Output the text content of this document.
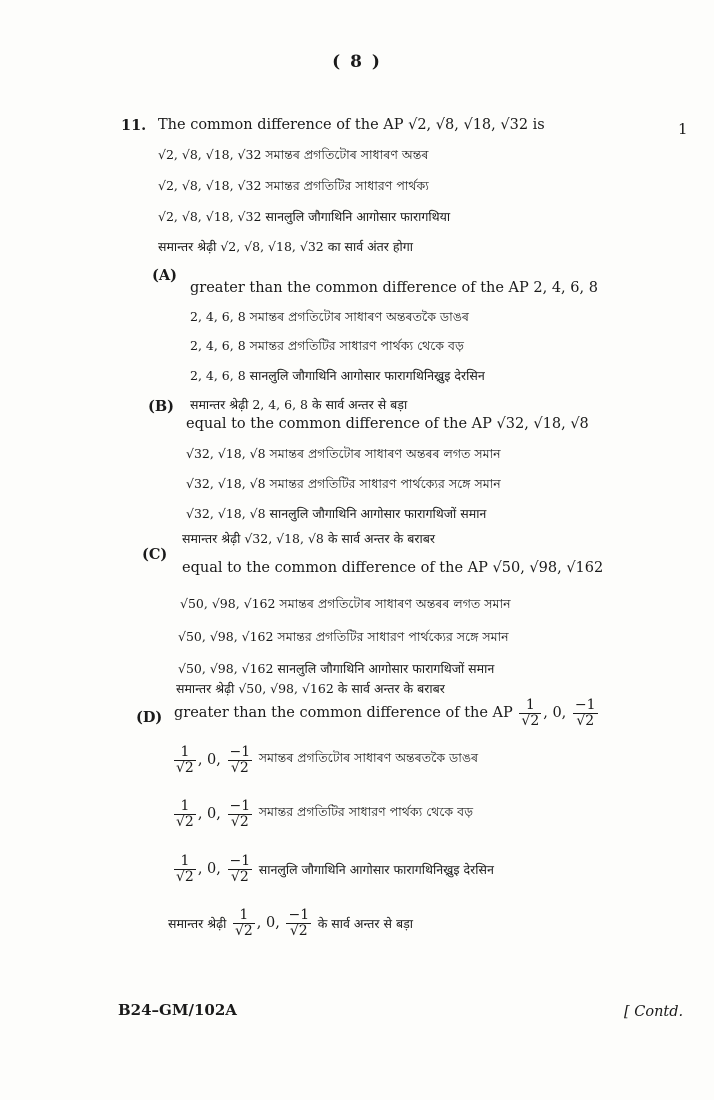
( 8 )
1
11. The common difference of the AP √2, √8, √18, √32 is
√2, √8, √18, √32 সমান্তৰ প্ৰগতিটোৰ সাধাৰণ অন্তৰ
√2, √8, √18, √32 সমান্তর প্রগতিটির সাধারণ পার্থক্য
√2, √8, √18, √32 सानलुलि जौगाथिनि आगोसार फारागथिया
समान्तर श्रेढ़ी √2, √8, √18, √32 का सार्व अंतर होगा
(A)
greater than the common difference of the AP 2, 4, 6, 8
2, 4, 6, 8 সমান্তৰ প্ৰগতিটোৰ সাধাৰণ অন্তৰতকৈ ডাঙৰ
2, 4, 6, 8 সমান্তর প্রগতিটির সাধারণ পার্থক্য থেকে বড়
2, 4, 6, 8 सानलुलि जौगाथिनि आगोसार फारागथिनिख्रुइ देरसिन
समान्तर श्रेढ़ी 2, 4, 6, 8 के सार्व अन्तर से बड़ा
(B)
equal to the common difference of the AP √32, √18, √8
√32, √18, √8 সমান্তৰ প্ৰগতিটোৰ সাধাৰণ অন্তৰৰ লগত সমান
√32, √18, √8 সমান্তর প্রগতিটির সাধারণ পার্থক্যের সঙ্গে সমান
√32, √18, √8 सानलुलि जौगाथिनि आगोसार फारागथिजों समान
समान्तर श्रेढ़ी √32, √18, √8 के सार्व अन्तर के बराबर
(C)
equal to the common difference of the AP √50, √98, √162
√50, √98, √162 সমান্তৰ প্ৰগতিটোৰ সাধাৰণ অন্তৰৰ লগত সমান
√50, √98, √162 সমান্তর প্রগতিটির সাধারণ পার্থক্যের সঙ্গে সমান
√50, √98, √162 सानलुलि जौगाथिनि आगोसार फारागथिजों समान
समान्तर श्रेढ़ी √50, √98, √162 के सार्व अन्तर के बराबर
(D) greater than the common difference of the AP
$\frac{1}{√2}$ , 0,
$\frac{-1}{√2}$
$\frac{1}{√2}$ , 0,
$\frac{-1}{√2}$
সমান্তৰ প্ৰগতিটোৰ সাধাৰণ অন্তৰতকৈ ডাঙৰ
$\frac{1}{√2}$ , 0,
$\frac{-1}{√2}$
সমান্তর প্রগতিটির সাধারণ পার্থক্য থেকে বড়
$\frac{1}{√2}$ , 0,
$\frac{-1}{√2}$
सानलुलि जौगाथिनि आगोसार फारागथिनिख्रुइ देरसिन
समान्तर श्रेढ़ी
$\frac{1}{√2}$ , 0,
$\frac{-1}{√2}$
के सार्व अन्तर से बड़ा
B24–GM/102A	[ Contd.
